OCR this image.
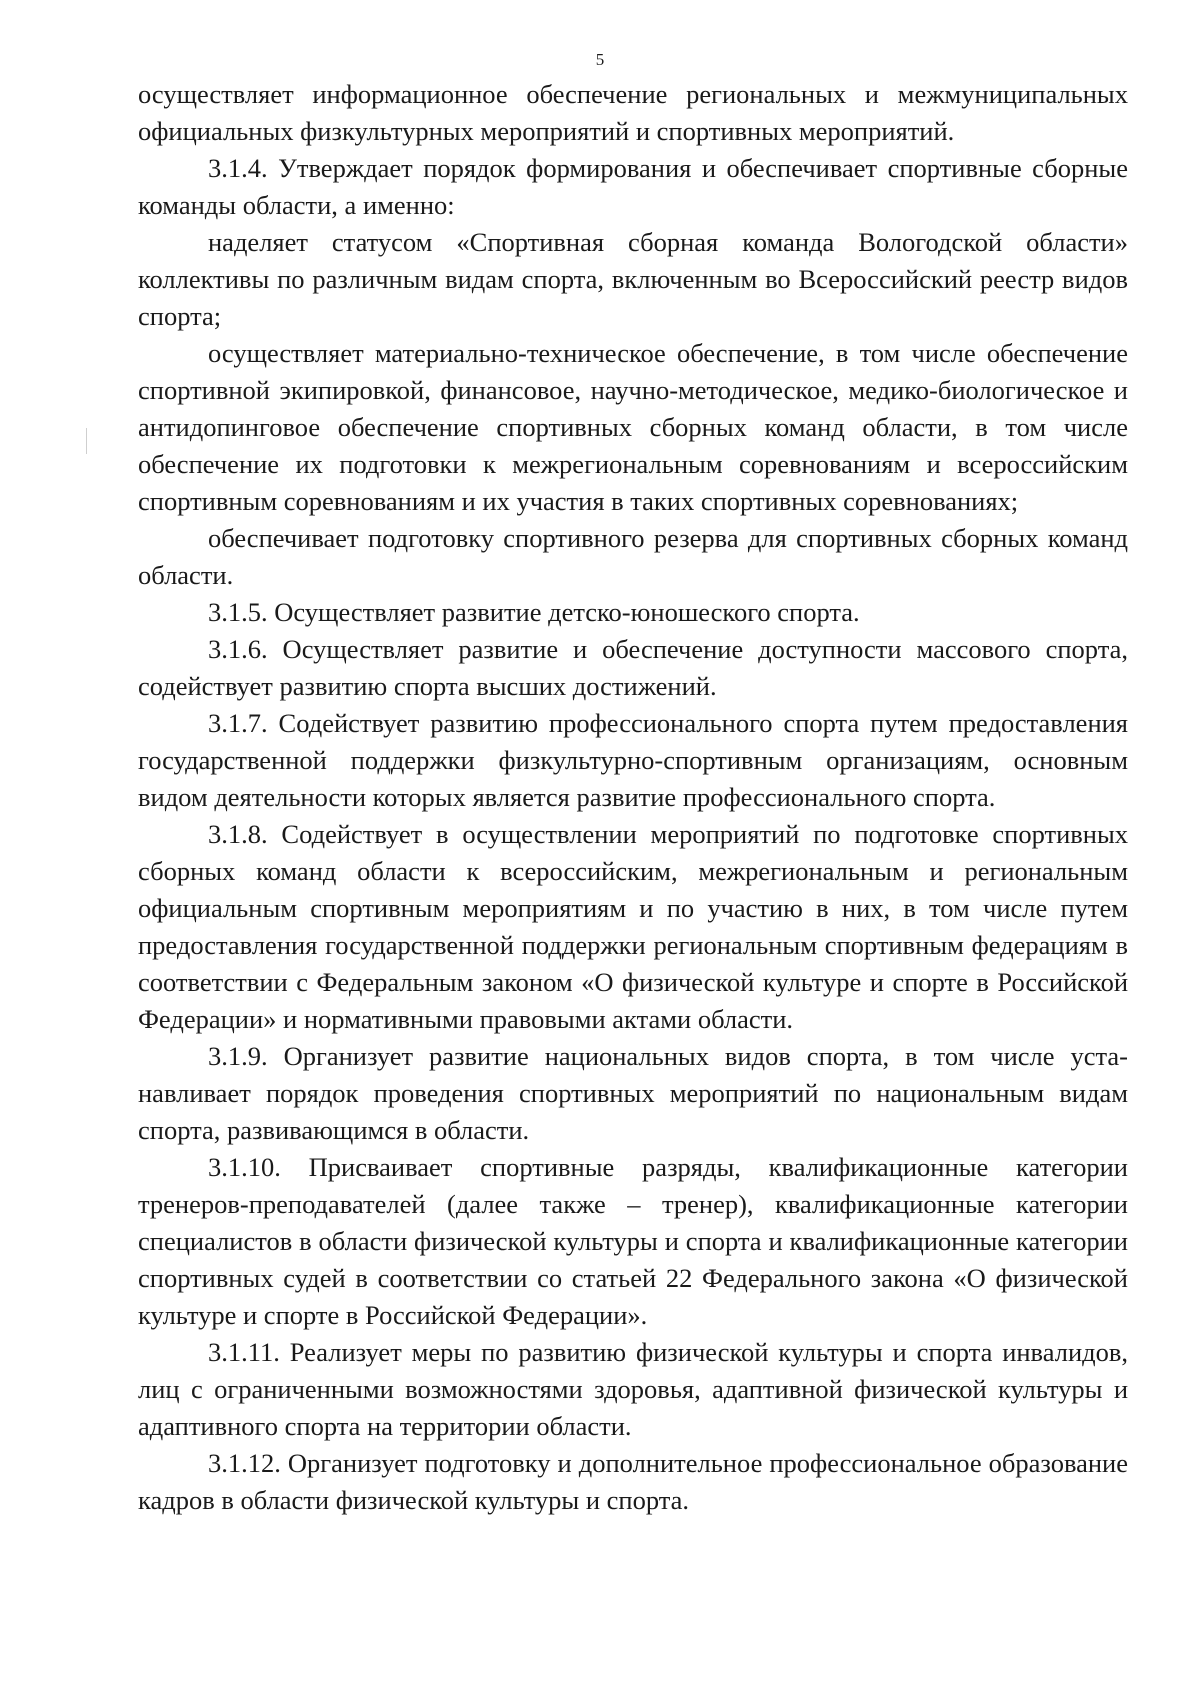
5

осуществляет информационное обеспечение региональных и межмуниципальных официальных физкультурных мероприятий и спортивных мероприятий.

3.1.4. Утверждает порядок формирования и обеспечивает спортивные сборные команды области, а именно:

наделяет статусом «Спортивная сборная команда Вологодской области» коллективы по различным видам спорта, включенным во Всероссийский реестр видов спорта;

осуществляет материально-техническое обеспечение, в том числе обеспечение спортивной экипировкой, финансовое, научно-методическое, медико-биологическое и антидопинговое обеспечение спортивных сборных команд области, в том числе обеспечение их подготовки к межрегиональным соревнованиям и всероссийским спортивным соревнованиям и их участия в таких спортивных соревнованиях;

обеспечивает подготовку спортивного резерва для спортивных сборных команд области.

3.1.5. Осуществляет развитие детско-юношеского спорта.

3.1.6. Осуществляет развитие и обеспечение доступности массового спорта, содействует развитию спорта высших достижений.

3.1.7. Содействует развитию профессионального спорта путем предоставления государственной поддержки физкультурно-спортивным организациям, основным видом деятельности которых является развитие профессионального спорта.

3.1.8. Содействует в осуществлении мероприятий по подготовке спортивных сборных команд области к всероссийским, межрегиональным и региональным официальным спортивным мероприятиям и по участию в них, в том числе путем предоставления государственной поддержки региональным спортивным федерациям в соответствии с Федеральным законом «О физической культуре и спорте в Российской Федерации» и нормативными правовыми актами области.

3.1.9. Организует развитие национальных видов спорта, в том числе устанавливает порядок проведения спортивных мероприятий по национальным видам спорта, развивающимся в области.

3.1.10. Присваивает спортивные разряды, квалификационные категории тренеров-преподавателей (далее также – тренер), квалификационные категории специалистов в области физической культуры и спорта и квалификационные категории спортивных судей в соответствии со статьей 22 Федерального закона «О физической культуре и спорте в Российской Федерации».

3.1.11. Реализует меры по развитию физической культуры и спорта инвалидов, лиц с ограниченными возможностями здоровья, адаптивной физической культуры и адаптивного спорта на территории области.

3.1.12. Организует подготовку и дополнительное профессиональное образование кадров в области физической культуры и спорта.
